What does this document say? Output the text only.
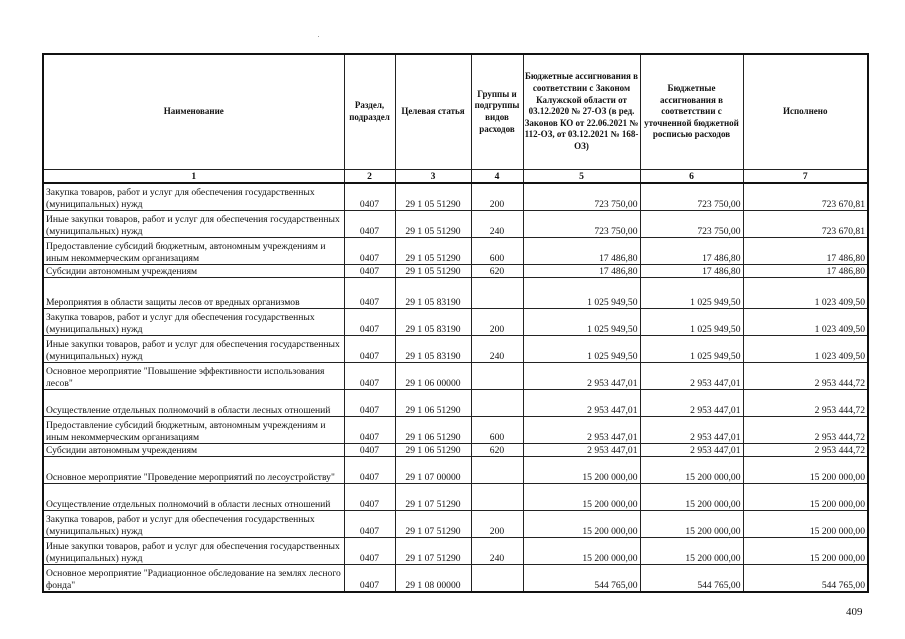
Наименование	Раздел, подраздел	Целевая статья	Группы и подгруппы видов расходов	Бюджетные ассигнования в соответствии с Законом Калужской области от 03.12.2020 № 27-ОЗ (в ред. Законов КО от 22.06.2021 № 112-ОЗ, от 03.12.2021 № 168-ОЗ)	Бюджетные ассигнования в соответствии с уточненной бюджетной росписью расходов	Исполнено
1	2	3	4	5	6	7
Закупка товаров, работ и услуг для обеспечения государственных (муниципальных) нужд	0407	29 1 05 51290	200	723 750,00	723 750,00	723 670,81
Иные закупки товаров, работ и услуг для обеспечения государственных (муниципальных) нужд	0407	29 1 05 51290	240	723 750,00	723 750,00	723 670,81
Предоставление субсидий бюджетным, автономным учреждениям и иным некоммерческим организациям	0407	29 1 05 51290	600	17 486,80	17 486,80	17 486,80
Субсидии автономным учреждениям	0407	29 1 05 51290	620	17 486,80	17 486,80	17 486,80
Мероприятия в области защиты лесов от вредных организмов	0407	29 1 05 83190		1 025 949,50	1 025 949,50	1 023 409,50
Закупка товаров, работ и услуг для обеспечения государственных (муниципальных) нужд	0407	29 1 05 83190	200	1 025 949,50	1 025 949,50	1 023 409,50
Иные закупки товаров, работ и услуг для обеспечения государственных (муниципальных) нужд	0407	29 1 05 83190	240	1 025 949,50	1 025 949,50	1 023 409,50
Основное мероприятие "Повышение эффективности использования лесов"	0407	29 1 06 00000		2 953 447,01	2 953 447,01	2 953 444,72
Осуществление отдельных полномочий в области лесных отношений	0407	29 1 06 51290		2 953 447,01	2 953 447,01	2 953 444,72
Предоставление субсидий бюджетным, автономным учреждениям и иным некоммерческим организациям	0407	29 1 06 51290	600	2 953 447,01	2 953 447,01	2 953 444,72
Субсидии автономным учреждениям	0407	29 1 06 51290	620	2 953 447,01	2 953 447,01	2 953 444,72
Основное мероприятие "Проведение мероприятий по лесоустройству"	0407	29 1 07 00000		15 200 000,00	15 200 000,00	15 200 000,00
Осуществление отдельных полномочий в области лесных отношений	0407	29 1 07 51290		15 200 000,00	15 200 000,00	15 200 000,00
Закупка товаров, работ и услуг для обеспечения государственных (муниципальных) нужд	0407	29 1 07 51290	200	15 200 000,00	15 200 000,00	15 200 000,00
Иные закупки товаров, работ и услуг для обеспечения государственных (муниципальных) нужд	0407	29 1 07 51290	240	15 200 000,00	15 200 000,00	15 200 000,00
Основное мероприятие "Радиационное обследование на землях лесного фонда"	0407	29 1 08 00000		544 765,00	544 765,00	544 765,00
409
